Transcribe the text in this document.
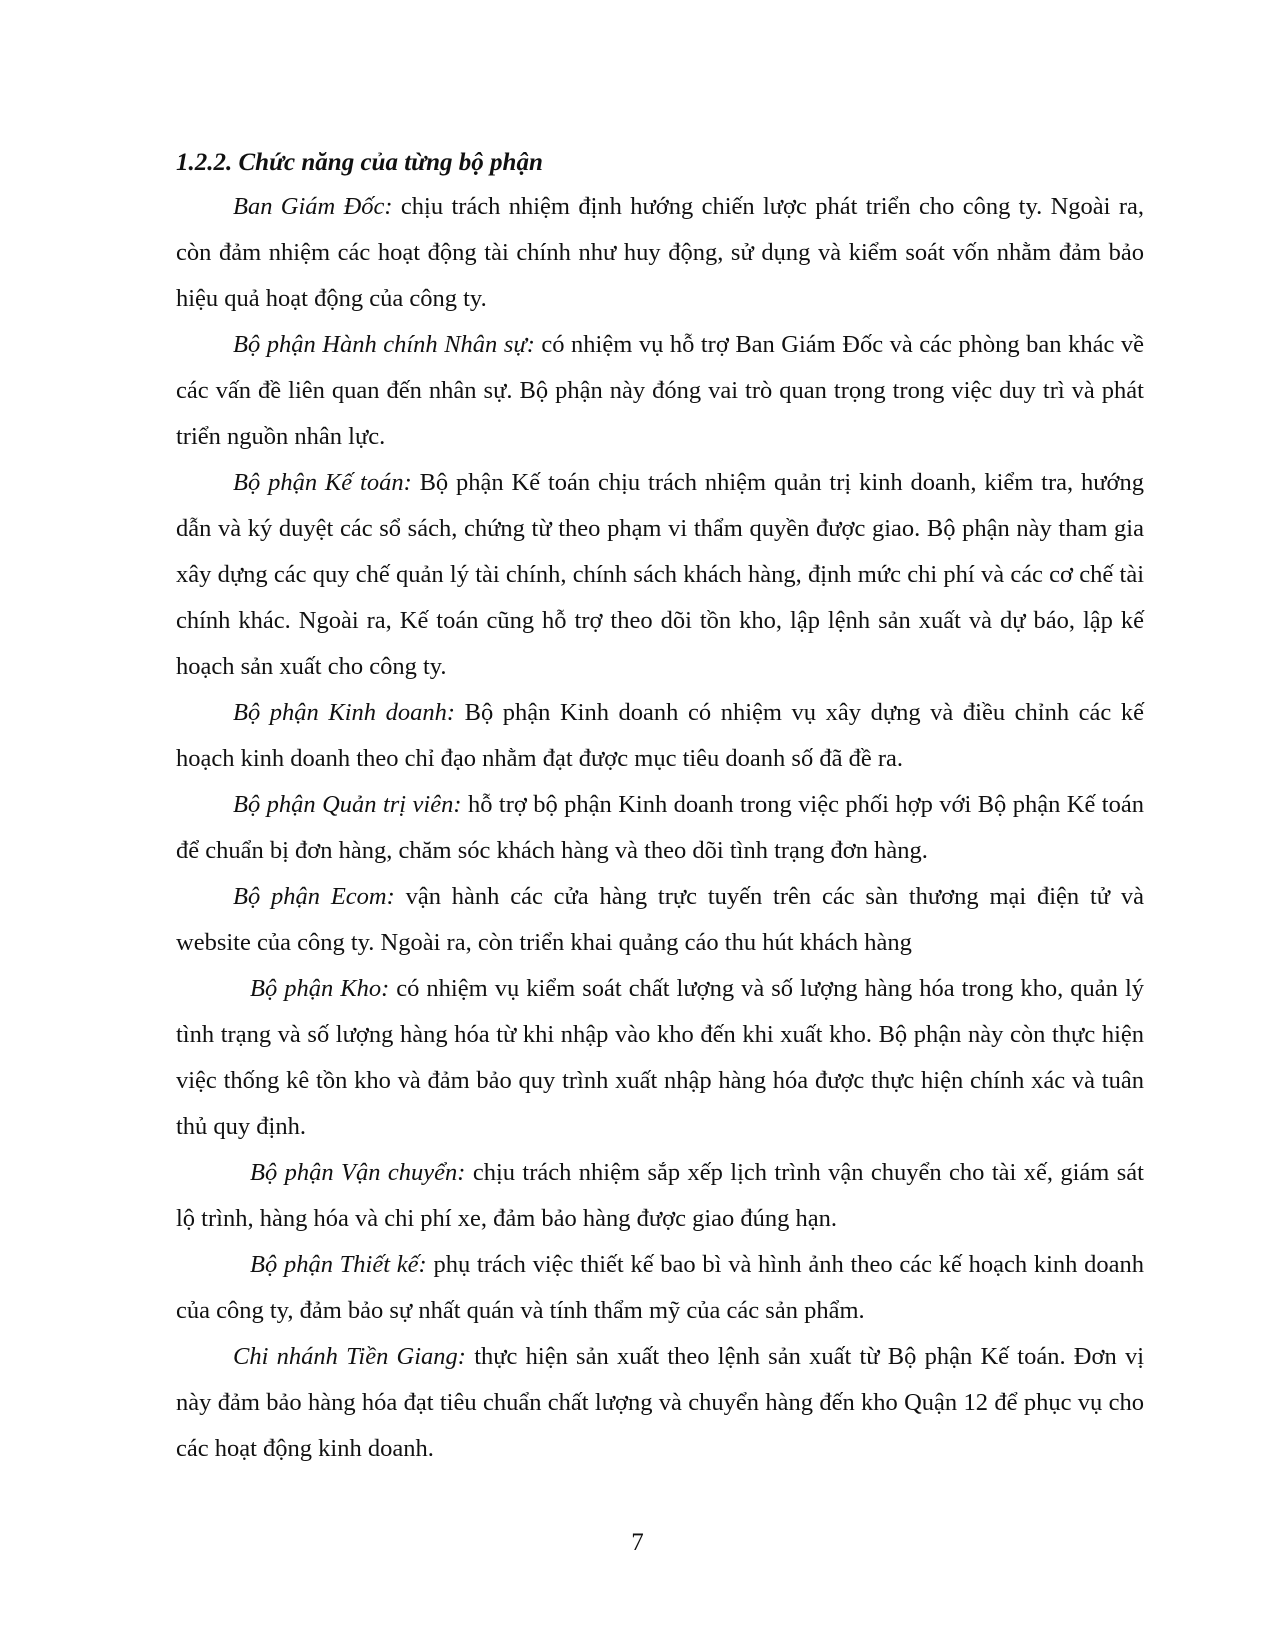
1.2.2. Chức năng của từng bộ phận

Ban Giám Đốc: chịu trách nhiệm định hướng chiến lược phát triển cho công ty. Ngoài ra, còn đảm nhiệm các hoạt động tài chính như huy động, sử dụng và kiểm soát vốn nhằm đảm bảo hiệu quả hoạt động của công ty.

Bộ phận Hành chính Nhân sự: có nhiệm vụ hỗ trợ Ban Giám Đốc và các phòng ban khác về các vấn đề liên quan đến nhân sự. Bộ phận này đóng vai trò quan trọng trong việc duy trì và phát triển nguồn nhân lực.

Bộ phận Kế toán: Bộ phận Kế toán chịu trách nhiệm quản trị kinh doanh, kiểm tra, hướng dẫn và ký duyệt các sổ sách, chứng từ theo phạm vi thẩm quyền được giao. Bộ phận này tham gia xây dựng các quy chế quản lý tài chính, chính sách khách hàng, định mức chi phí và các cơ chế tài chính khác. Ngoài ra, Kế toán cũng hỗ trợ theo dõi tồn kho, lập lệnh sản xuất và dự báo, lập kế hoạch sản xuất cho công ty.

Bộ phận Kinh doanh: Bộ phận Kinh doanh có nhiệm vụ xây dựng và điều chỉnh các kế hoạch kinh doanh theo chỉ đạo nhằm đạt được mục tiêu doanh số đã đề ra.

Bộ phận Quản trị viên: hỗ trợ bộ phận Kinh doanh trong việc phối hợp với Bộ phận Kế toán để chuẩn bị đơn hàng, chăm sóc khách hàng và theo dõi tình trạng đơn hàng.

Bộ phận Ecom: vận hành các cửa hàng trực tuyến trên các sàn thương mại điện tử và website của công ty. Ngoài ra, còn triển khai quảng cáo thu hút khách hàng

Bộ phận Kho: có nhiệm vụ kiểm soát chất lượng và số lượng hàng hóa trong kho, quản lý tình trạng và số lượng hàng hóa từ khi nhập vào kho đến khi xuất kho. Bộ phận này còn thực hiện việc thống kê tồn kho và đảm bảo quy trình xuất nhập hàng hóa được thực hiện chính xác và tuân thủ quy định.

Bộ phận Vận chuyển: chịu trách nhiệm sắp xếp lịch trình vận chuyển cho tài xế, giám sát lộ trình, hàng hóa và chi phí xe, đảm bảo hàng được giao đúng hạn.

Bộ phận Thiết kế: phụ trách việc thiết kế bao bì và hình ảnh theo các kế hoạch kinh doanh của công ty, đảm bảo sự nhất quán và tính thẩm mỹ của các sản phẩm.

Chi nhánh Tiền Giang: thực hiện sản xuất theo lệnh sản xuất từ Bộ phận Kế toán. Đơn vị này đảm bảo hàng hóa đạt tiêu chuẩn chất lượng và chuyển hàng đến kho Quận 12 để phục vụ cho các hoạt động kinh doanh.

7
